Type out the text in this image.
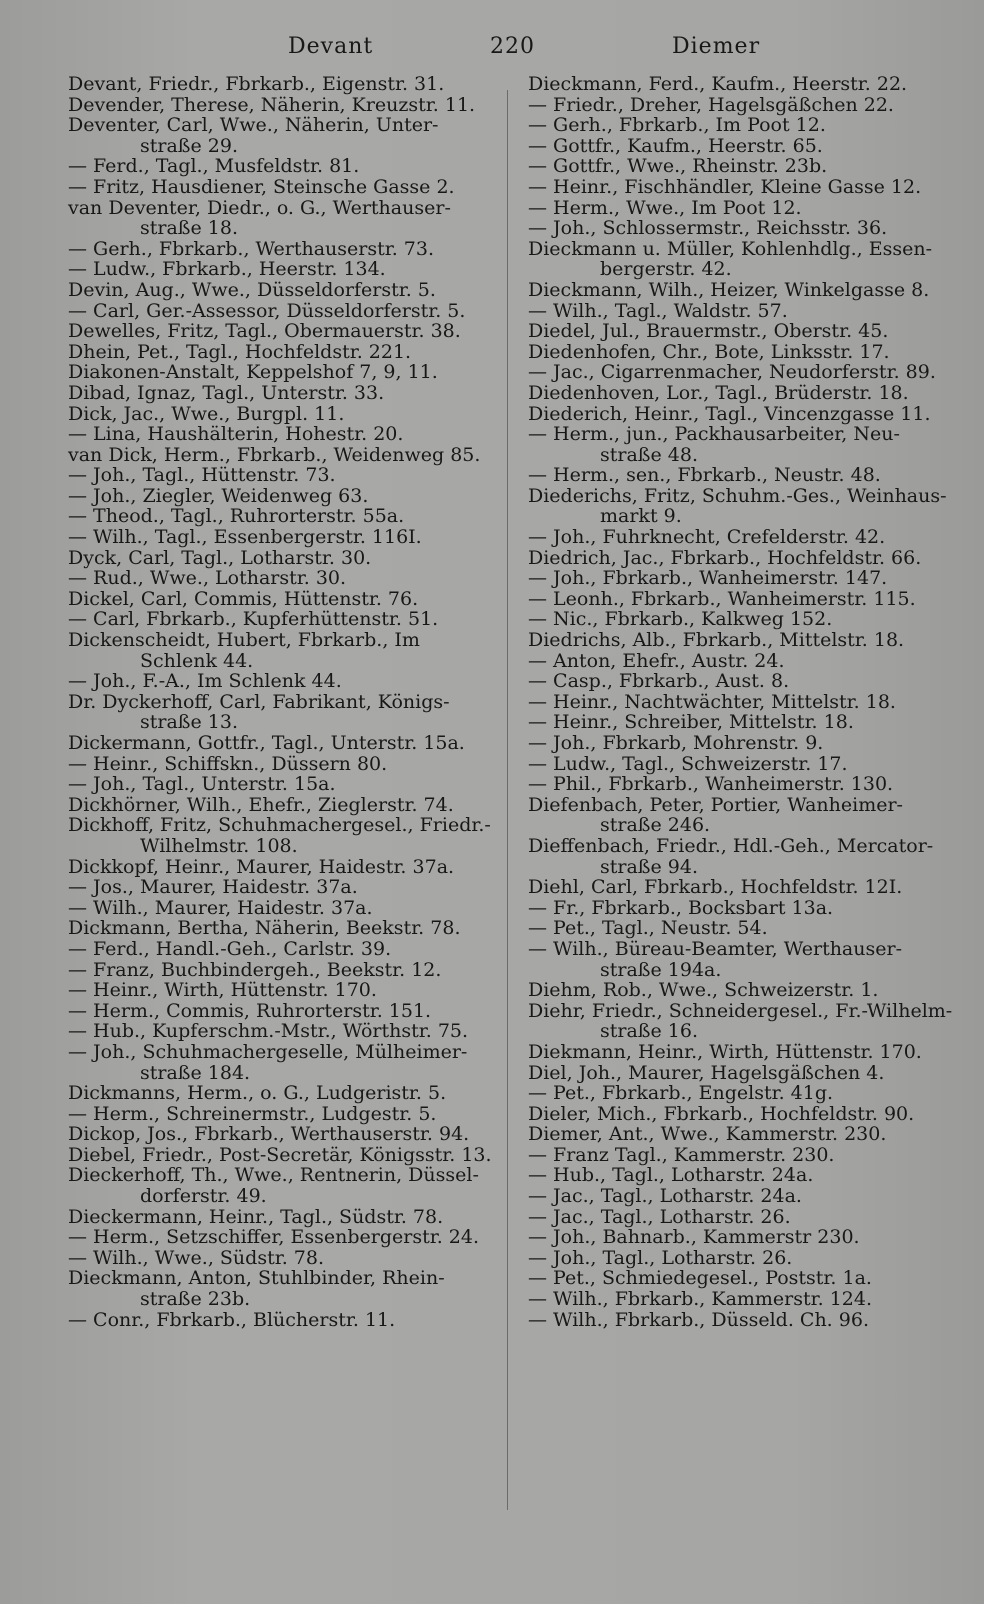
Devant	220	Diemer
Devant, Friedr., Fbrkarb., Eigenstr. 31.
Devender, Therese, Näherin, Kreuzstr. 11.
Deventer, Carl, Wwe., Näherin, Unter-
straße 29.
— Ferd., Tagl., Musfeldstr. 81.
— Fritz, Hausdiener, Steinsche Gasse 2.
van Deventer, Diedr., o. G., Werthauser-
straße 18.
— Gerh., Fbrkarb., Werthauserstr. 73.
— Ludw., Fbrkarb., Heerstr. 134.
Devin, Aug., Wwe., Düsseldorferstr. 5.
— Carl, Ger.-Assessor, Düsseldorferstr. 5.
Dewelles, Fritz, Tagl., Obermauerstr. 38.
Dhein, Pet., Tagl., Hochfeldstr. 221.
Diakonen-Anstalt, Keppelshof 7, 9, 11.
Dibad, Ignaz, Tagl., Unterstr. 33.
Dick, Jac., Wwe., Burgpl. 11.
— Lina, Haushälterin, Hohestr. 20.
van Dick, Herm., Fbrkarb., Weidenweg 85.
— Joh., Tagl., Hüttenstr. 73.
— Joh., Ziegler, Weidenweg 63.
— Theod., Tagl., Ruhrorterstr. 55a.
— Wilh., Tagl., Essenbergerstr. 116I.
Dyck, Carl, Tagl., Lotharstr. 30.
— Rud., Wwe., Lotharstr. 30.
Dickel, Carl, Commis, Hüttenstr. 76.
— Carl, Fbrkarb., Kupferhüttenstr. 51.
Dickenscheidt, Hubert, Fbrkarb., Im
Schlenk 44.
— Joh., F.-A., Im Schlenk 44.
Dr. Dyckerhoff, Carl, Fabrikant, Königs-
straße 13.
Dickermann, Gottfr., Tagl., Unterstr. 15a.
— Heinr., Schiffskn., Düssern 80.
— Joh., Tagl., Unterstr. 15a.
Dickhörner, Wilh., Ehefr., Zieglerstr. 74.
Dickhoff, Fritz, Schuhmachergesel., Friedr.-
Wilhelmstr. 108.
Dickkopf, Heinr., Maurer, Haidestr. 37a.
— Jos., Maurer, Haidestr. 37a.
— Wilh., Maurer, Haidestr. 37a.
Dickmann, Bertha, Näherin, Beekstr. 78.
— Ferd., Handl.-Geh., Carlstr. 39.
— Franz, Buchbindergeh., Beekstr. 12.
— Heinr., Wirth, Hüttenstr. 170.
— Herm., Commis, Ruhrorterstr. 151.
— Hub., Kupferschm.-Mstr., Wörthstr. 75.
— Joh., Schuhmachergeselle, Mülheimer-
straße 184.
Dickmanns, Herm., o. G., Ludgeristr. 5.
— Herm., Schreinermstr., Ludgestr. 5.
Dickop, Jos., Fbrkarb., Werthauserstr. 94.
Diebel, Friedr., Post-Secretär, Königsstr. 13.
Dieckerhoff, Th., Wwe., Rentnerin, Düssel-
dorferstr. 49.
Dieckermann, Heinr., Tagl., Südstr. 78.
— Herm., Setzschiffer, Essenbergerstr. 24.
— Wilh., Wwe., Südstr. 78.
Dieckmann, Anton, Stuhlbinder, Rhein-
straße 23b.
— Conr., Fbrkarb., Blücherstr. 11.
Dieckmann, Ferd., Kaufm., Heerstr. 22.
— Friedr., Dreher, Hagelsgäßchen 22.
— Gerh., Fbrkarb., Im Poot 12.
— Gottfr., Kaufm., Heerstr. 65.
— Gottfr., Wwe., Rheinstr. 23b.
— Heinr., Fischhändler, Kleine Gasse 12.
— Herm., Wwe., Im Poot 12.
— Joh., Schlossermstr., Reichsstr. 36.
Dieckmann u. Müller, Kohlenhdlg., Essen-
bergerstr. 42.
Dieckmann, Wilh., Heizer, Winkelgasse 8.
— Wilh., Tagl., Waldstr. 57.
Diedel, Jul., Brauermstr., Oberstr. 45.
Diedenhofen, Chr., Bote, Linksstr. 17.
— Jac., Cigarrenmacher, Neudorferstr. 89.
Diedenhoven, Lor., Tagl., Brüderstr. 18.
Diederich, Heinr., Tagl., Vincenzgasse 11.
— Herm., jun., Packhausarbeiter, Neu-
straße 48.
— Herm., sen., Fbrkarb., Neustr. 48.
Diederichs, Fritz, Schuhm.-Ges., Weinhaus-
markt 9.
— Joh., Fuhrknecht, Crefelderstr. 42.
Diedrich, Jac., Fbrkarb., Hochfeldstr. 66.
— Joh., Fbrkarb., Wanheimerstr. 147.
— Leonh., Fbrkarb., Wanheimerstr. 115.
— Nic., Fbrkarb., Kalkweg 152.
Diedrichs, Alb., Fbrkarb., Mittelstr. 18.
— Anton, Ehefr., Austr. 24.
— Casp., Fbrkarb., Aust. 8.
— Heinr., Nachtwächter, Mittelstr. 18.
— Heinr., Schreiber, Mittelstr. 18.
— Joh., Fbrkarb, Mohrenstr. 9.
— Ludw., Tagl., Schweizerstr. 17.
— Phil., Fbrkarb., Wanheimerstr. 130.
Diefenbach, Peter, Portier, Wanheimer-
straße 246.
Dieffenbach, Friedr., Hdl.-Geh., Mercator-
straße 94.
Diehl, Carl, Fbrkarb., Hochfeldstr. 12I.
— Fr., Fbrkarb., Bocksbart 13a.
— Pet., Tagl., Neustr. 54.
— Wilh., Büreau-Beamter, Werthauser-
straße 194a.
Diehm, Rob., Wwe., Schweizerstr. 1.
Diehr, Friedr., Schneidergesel., Fr.-Wilhelm-
straße 16.
Diekmann, Heinr., Wirth, Hüttenstr. 170.
Diel, Joh., Maurer, Hagelsgäßchen 4.
— Pet., Fbrkarb., Engelstr. 41g.
Dieler, Mich., Fbrkarb., Hochfeldstr. 90.
Diemer, Ant., Wwe., Kammerstr. 230.
— Franz Tagl., Kammerstr. 230.
— Hub., Tagl., Lotharstr. 24a.
— Jac., Tagl., Lotharstr. 24a.
— Jac., Tagl., Lotharstr. 26.
— Joh., Bahnarb., Kammerstr 230.
— Joh., Tagl., Lotharstr. 26.
— Pet., Schmiedegesel., Poststr. 1a.
— Wilh., Fbrkarb., Kammerstr. 124.
— Wilh., Fbrkarb., Düsseld. Ch. 96.
